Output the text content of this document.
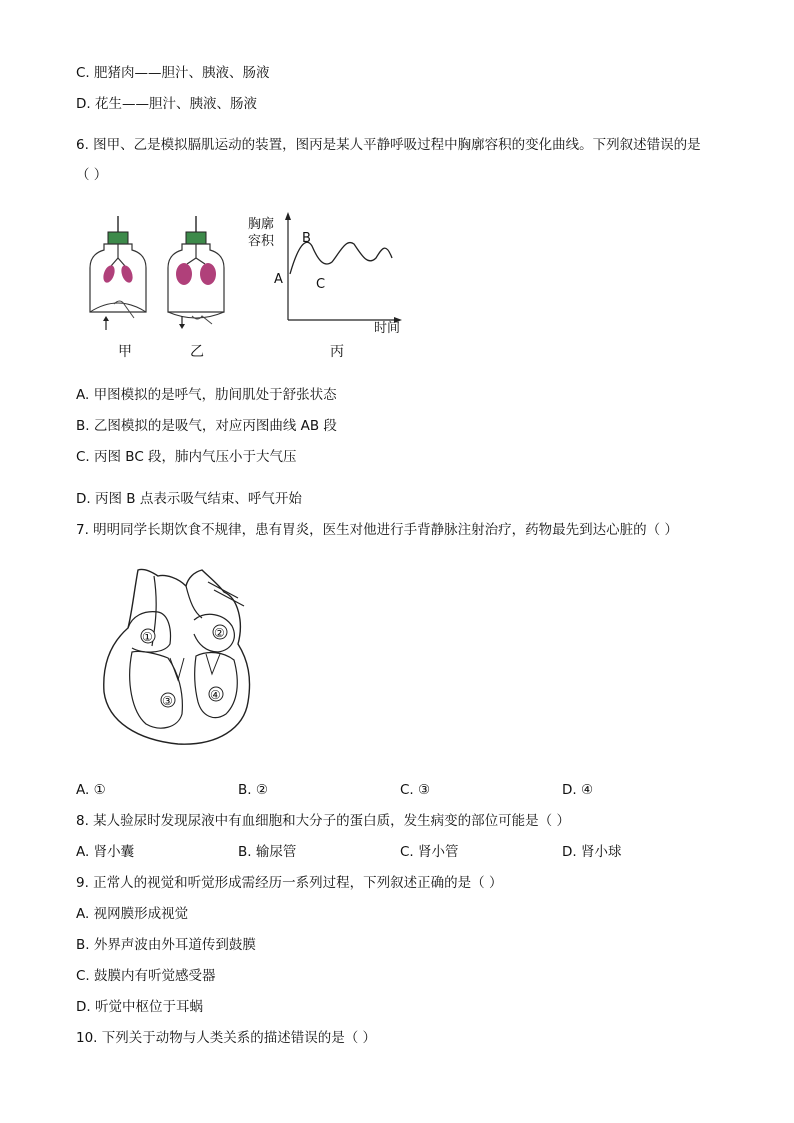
C. 肥猪肉——胆汁、胰液、肠液
D. 花生——胆汁、胰液、肠液
6. 图甲、乙是模拟膈肌运动的装置，图丙是某人平静呼吸过程中胸廓容积的变化曲线。下列叙述错误的是
（ ）
甲	乙
胸廓
容积
时间
A
B
C
丙
A. 甲图模拟的是呼气，肋间肌处于舒张状态
B. 乙图模拟的是吸气，对应丙图曲线 AB 段
C. 丙图 BC 段，肺内气压小于大气压
D. 丙图 B 点表示吸气结束、呼气开始
7. 明明同学长期饮食不规律，患有胃炎，医生对他进行手背静脉注射治疗，药物最先到达心脏的（ ）
①	②
③	④
A. ①	B. ②	C. ③	D. ④
8. 某人验尿时发现尿液中有血细胞和大分子的蛋白质，发生病变的部位可能是（ ）
A. 肾小囊	B. 输尿管	C. 肾小管	D. 肾小球
9. 正常人的视觉和听觉形成需经历一系列过程，下列叙述正确的是（ ）
A. 视网膜形成视觉
B. 外界声波由外耳道传到鼓膜
C. 鼓膜内有听觉感受器
D. 听觉中枢位于耳蜗
10. 下列关于动物与人类关系的描述错误的是（ ）
